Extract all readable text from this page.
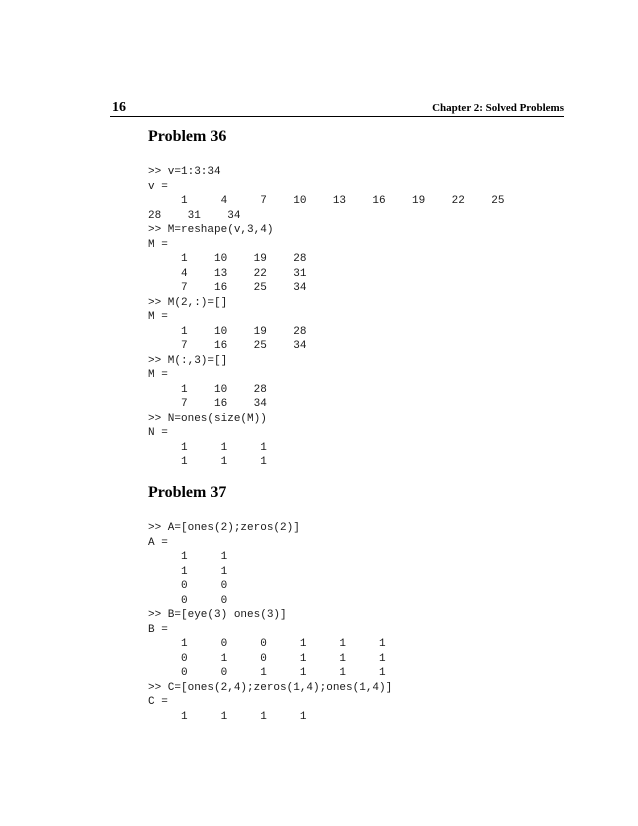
16	Chapter 2: Solved Problems
Problem 36
>> v=1:3:34
v =
1     4     7    10    13    16    19    22    25
28    31    34
>> M=reshape(v,3,4)
M =
1    10    19    28
4    13    22    31
7    16    25    34
>> M(2,:)=[]
M =
1    10    19    28
7    16    25    34
>> M(:,3)=[]
M =
1    10    28
7    16    34
>> N=ones(size(M))
N =
1     1     1
1     1     1
Problem 37
>> A=[ones(2);zeros(2)]
A =
1     1
1     1
0     0
0     0
>> B=[eye(3) ones(3)]
B =
1     0     0     1     1     1
0     1     0     1     1     1
0     0     1     1     1     1
>> C=[ones(2,4);zeros(1,4);ones(1,4)]
C =
1     1     1     1
